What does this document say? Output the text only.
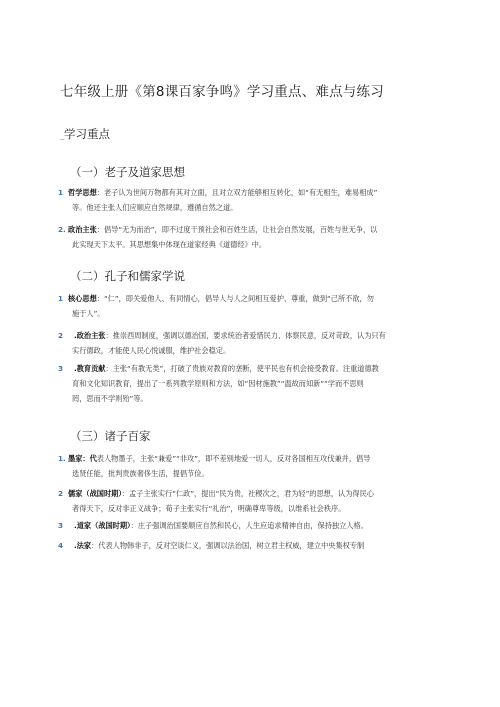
七年级上册《第8课百家争鸣》学习重点、难点与练习
_学习重点
（一）老子及道家思想
1 哲学思想：老子认为世间万物都有其对立面，且对立双方能够相互转化，如“有无相生，难易相成”
等。他还主张人们应顺应自然规律，遵循自然之道。
2. 政治主张：倡导“无为而治”，即不过度干预社会和百姓生活，让社会自然发展，百姓与世无争，以
此实现天下太平。其思想集中体现在道家经典《道德经》中。
（二）孔子和儒家学说
1 核心思想：“仁”，即关爱他人、有同情心，倡导人与人之间相互爱护、尊重，做到“己所不欲，勿
施于人”。
2 .政治主张：推崇西周制度，强调以德治国，要求统治者爱惜民力、体察民意，反对苛政，认为只有
实行德政，才能使人民心悦诚服，维护社会稳定。
3 .教育贡献：主张“有教无类”，打破了贵族对教育的垄断，使平民也有机会接受教育。注重道德教
育和文化知识教育，提出了一系列教学原则和方法，如“因材施教”“温故而知新”“学而不思则
罔，思而不学则殆”等。
（三）诸子百家
1. 墨家：代表人物墨子，主张“兼爱”“非攻”，即不差别地爱一切人，反对各国相互攻伐兼并，倡导
选贤任能，批判贵族奢侈生活，提倡节俭。
2 儒家（战国时期）：孟子主张实行“仁政”，提出“民为贵，社稷次之，君为轻”的思想，认为得民心
者得天下，反对非正义战争；荀子主张实行“礼治”，明确尊卑等级，以维系社会秩序。
3 .道家（战国时期）：庄子强调治国要顺应自然和民心，人生应追求精神自由，保持独立人格。
4 .法家：代表人物韩非子，反对空谈仁义，强调以法治国，树立君主权威，建立中央集权专制
